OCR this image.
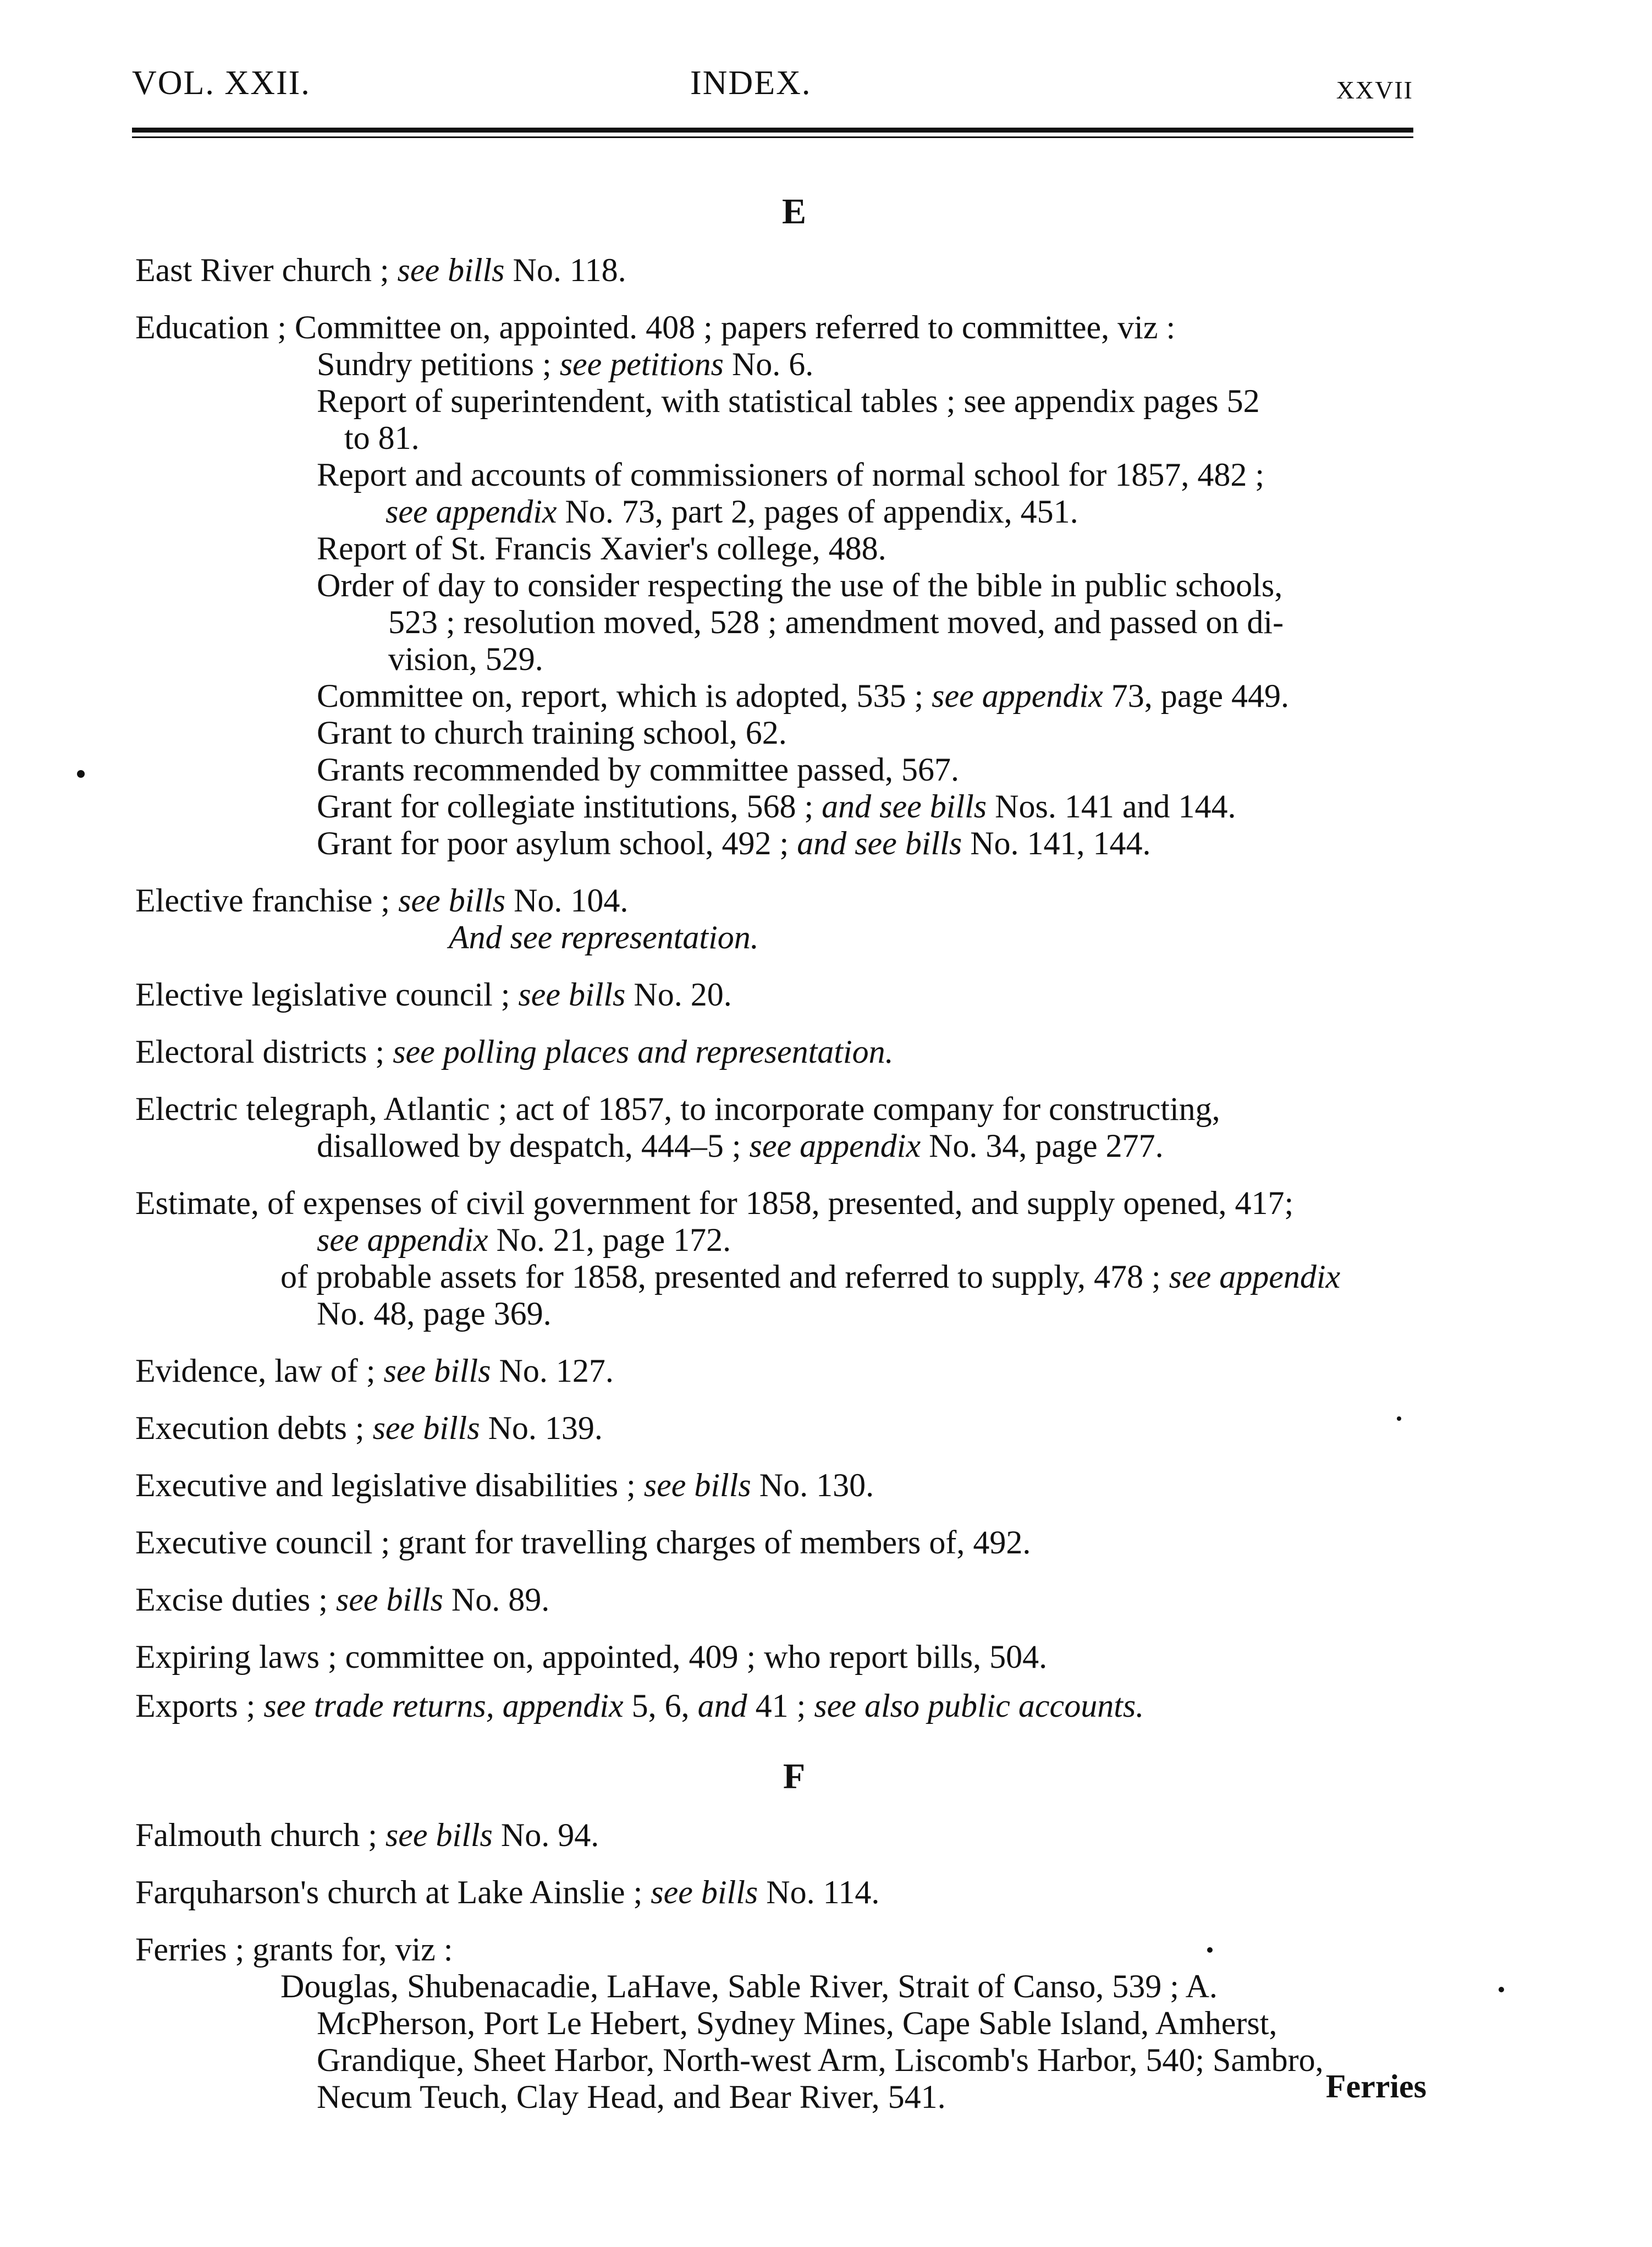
VOL. XXII.	INDEX.	XXVII
E
East River church ; see bills No. 118.
Education ; Committee on, appointed. 408 ; papers referred to committee, viz :
Sundry petitions ; see petitions No. 6.
Report of superintendent, with statistical tables ; see appendix pages 52
to 81.
Report and accounts of commissioners of normal school for 1857, 482 ;
see appendix No. 73, part 2, pages of appendix, 451.
Report of St. Francis Xavier's college, 488.
Order of day to consider respecting the use of the bible in public schools,
523 ; resolution moved, 528 ; amendment moved, and passed on di-
vision, 529.
Committee on, report, which is adopted, 535 ; see appendix 73, page 449.
Grant to church training school, 62.
Grants recommended by committee passed, 567.
Grant for collegiate institutions, 568 ; and see bills Nos. 141 and 144.
Grant for poor asylum school, 492 ; and see bills No. 141, 144.
Elective franchise ; see bills No. 104.
And see representation.
Elective legislative council ; see bills No. 20.
Electoral districts ; see polling places and representation.
Electric telegraph, Atlantic ; act of 1857, to incorporate company for constructing,
disallowed by despatch, 444–5 ; see appendix No. 34, page 277.
Estimate, of expenses of civil government for 1858, presented, and supply opened, 417;
see appendix No. 21, page 172.
of probable assets for 1858, presented and referred to supply, 478 ; see appendix
No. 48, page 369.
Evidence, law of ; see bills No. 127.
Execution debts ; see bills No. 139.
Executive and legislative disabilities ; see bills No. 130.
Executive council ; grant for travelling charges of members of, 492.
Excise duties ; see bills No. 89.
Expiring laws ; committee on, appointed, 409 ; who report bills, 504.
Exports ; see trade returns, appendix 5, 6, and 41 ; see also public accounts.
F
Falmouth church ; see bills No. 94.
Farquharson's church at Lake Ainslie ; see bills No. 114.
Ferries ; grants for, viz :
Douglas, Shubenacadie, LaHave, Sable River, Strait of Canso, 539 ; A.
McPherson, Port Le Hebert, Sydney Mines, Cape Sable Island, Amherst,
Grandique, Sheet Harbor, North-west Arm, Liscomb's Harbor, 540; Sambro,
Necum Teuch, Clay Head, and Bear River, 541.	Ferries
